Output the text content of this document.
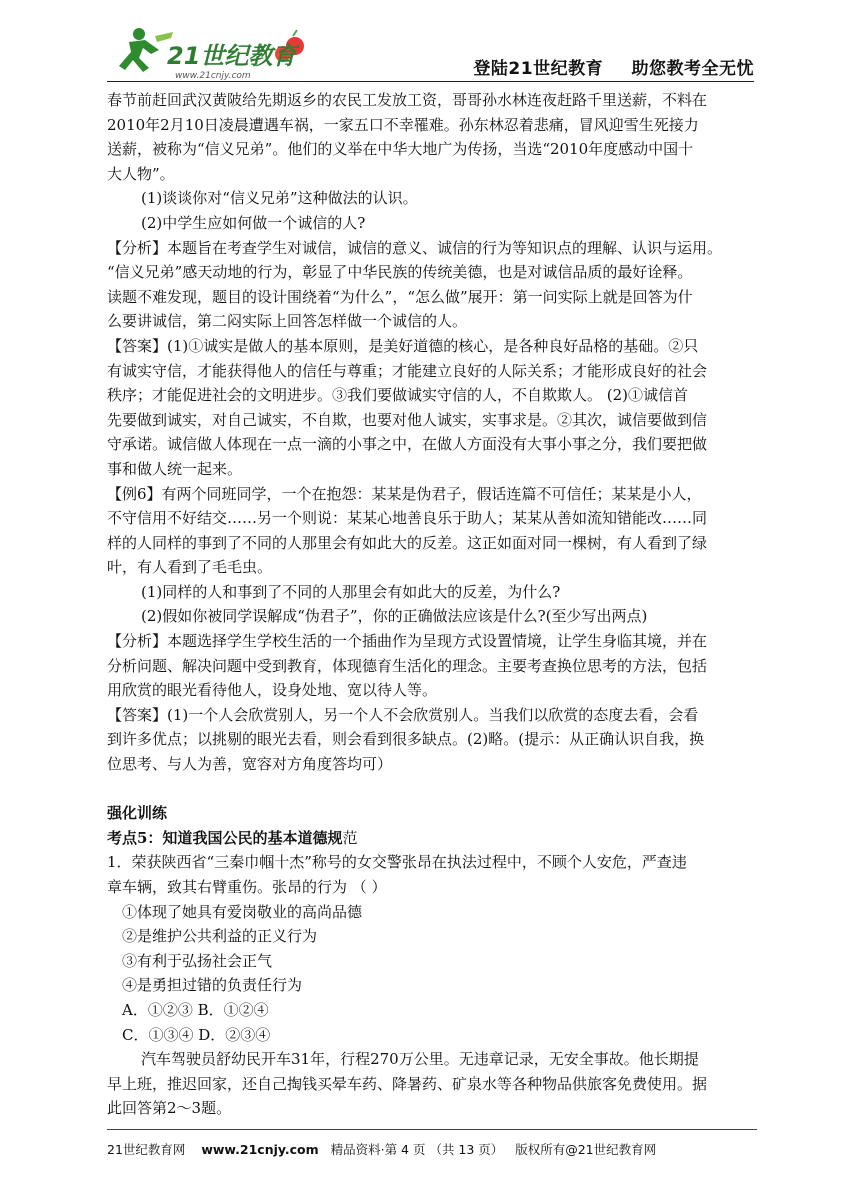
21世纪教育
www.21cnjy.com	登陆21世纪教育 助您教考全无忧

春节前赶回武汉黄陂给先期返乡的农民工发放工资，哥哥孙水林连夜赶路千里送薪，不料在

2010年2月10日凌晨遭遇车祸，一家五口不幸罹难。孙东林忍着悲痛，冒风迎雪生死接力

送薪，被称为“信义兄弟”。他们的义举在中华大地广为传扬，当选“2010年度感动中国十

大人物”。

(1)谈谈你对“信义兄弟”这种做法的认识。

(2)中学生应如何做一个诚信的人?

【分析】本题旨在考查学生对诚信，诚信的意义、诚信的行为等知识点的理解、认识与运用。

“信义兄弟”感天动地的行为，彰显了中华民族的传统美德，也是对诚信品质的最好诠释。

读题不难发现，题目的设计围绕着“为什么”，“怎么做”展开：第一问实际上就是回答为什

么要讲诚信，第二闷实际上回答怎样做一个诚信的人。

【答案】(1)①诚实是做人的基本原则，是美好道德的核心，是各种良好品格的基础。②只

有诚实守信，才能获得他人的信任与尊重；才能建立良好的人际关系；才能形成良好的社会

秩序；才能促进社会的文明进步。③我们要做诚实守信的人，不自欺欺人。 (2)①诚信首

先要做到诚实，对自己诚实，不自欺，也要对他人诚实，实事求是。②其次，诚信要做到信

守承诺。诚信做人体现在一点一滴的小事之中，在做人方面没有大事小事之分，我们要把做

事和做人统一起来。

【例6】有两个同班同学，一个在抱怨：某某是伪君子，假话连篇不可信任；某某是小人，

不守信用不好结交……另一个则说：某某心地善良乐于助人；某某从善如流知错能改……同

样的人同样的事到了不同的人那里会有如此大的反差。这正如面对同一棵树，有人看到了绿

叶，有人看到了毛毛虫。

(1)同样的人和事到了不同的人那里会有如此大的反差，为什么?

(2)假如你被同学误解成“伪君子”，你的正确做法应该是什么?(至少写出两点)

【分析】本题选择学生学校生活的一个插曲作为呈现方式设置情境，让学生身临其境，并在

分析问题、解决问题中受到教育，体现德育生活化的理念。主要考查换位思考的方法，包括

用欣赏的眼光看待他人，设身处地、宽以待人等。

【答案】(1)一个人会欣赏别人，另一个人不会欣赏别人。当我们以欣赏的态度去看，会看

到许多优点；以挑剔的眼光去看，则会看到很多缺点。(2)略。(提示：从正确认识自我，换

位思考、与人为善，宽容对方角度答均可）

强化训练

考点5：知道我国公民的基本道德规范

1．荣获陕西省“三秦巾帼十杰”称号的女交警张昂在执法过程中，不顾个人安危，严查违

章车辆，致其右臂重伤。张昂的行为 （ ）

①体现了她具有爱岗敬业的高尚品德

②是维护公共利益的正义行为

③有利于弘扬社会正气

④是勇担过错的负责任行为

A．①②③ B．①②④

C．①③④ D．②③④

汽车驾驶员舒幼民开车31年，行程270万公里。无违章记录，无安全事故。他长期提

早上班，推迟回家，还自己掏钱买晕车药、降暑药、矿泉水等各种物品供旅客免费使用。据

此回答第2～3题。

21世纪教育网 www.21cnjy.com 精品资料·第 4 页 （共 13 页） 版权所有@21世纪教育网
